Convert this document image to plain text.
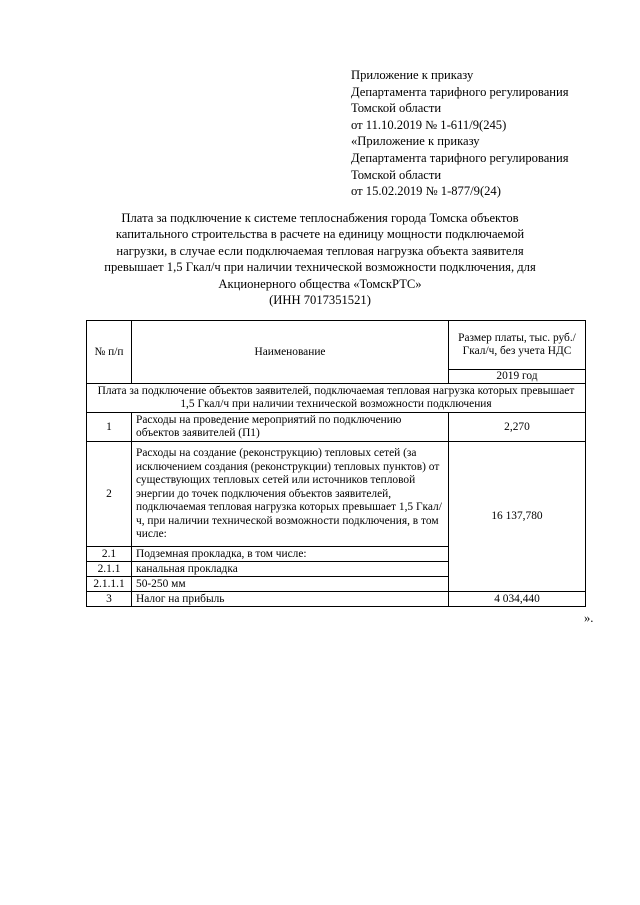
Приложение к приказу
Департамента тарифного регулирования
Томской области
от 11.10.2019 № 1-611/9(245)
«Приложение к приказу
Департамента тарифного регулирования
Томской области
от 15.02.2019 № 1-877/9(24)
Плата за подключение к системе теплоснабжения города Томска объектов
капитального строительства в расчете на единицу мощности подключаемой
нагрузки, в случае если подключаемая тепловая нагрузка объекта заявителя
превышает 1,5 Гкал/ч при наличии технической возможности подключения, для
Акционерного общества «ТомскРТС»
(ИНН 7017351521)
№ п/п	Наименование	Размер платы, тыс. руб./Гкал/ч, без учета НДС
		2019 год
Плата за подключение объектов заявителей, подключаемая тепловая нагрузка которых превышает 1,5 Гкал/ч при наличии технической возможности подключения		
1	Расходы на проведение мероприятий по подключению объектов заявителей (П1)	2,270
2	Расходы на создание (реконструкцию) тепловых сетей (за исключением создания (реконструкции) тепловых пунктов) от существующих тепловых сетей или источников тепловой энергии до точек подключения объектов заявителей, подключаемая тепловая нагрузка которых превышает 1,5 Гкал/ч, при наличии технической возможности подключения, в том числе:	16 137,780
2.1	Подземная прокладка, в том числе:	
2.1.1	канальная прокладка	
2.1.1.1	50-250 мм	
3	Налог на прибыль	4 034,440
».
